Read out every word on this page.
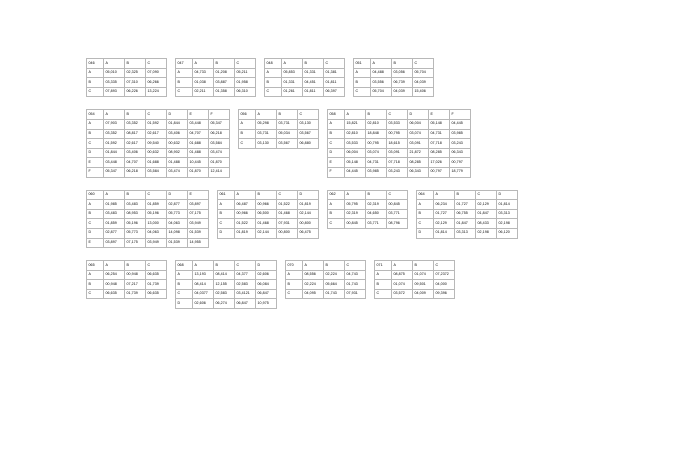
046	A	B	C
A	05,010	02,325	07,090
B	03,335	07,310	06,266
C	07,893	06,226	13,224
047	A	B	C
A	04,733	01,208	05,211
B	01,038	03,887	01,958
C	02,211	01,358	06,310
048	A	B	C
A	05,853	01,331	01,381
B	01,331	04,451	01,811
C	01,261	01,811	06,397
051	A	B	C
A	04,488	03,056	05,704
B	03,556	06,739	04,039
C	05,704	04,039	15,406
054	A	B	C	D	E	F
A	07,903	03,352	01,592	01,844	03,448	05,347
B	03,352	08,817	02,617	03,406	04,707	06,218
C	01,592	02,617	09,540	00,632	01,688	03,584
D	01,844	03,406	00,632	08,902	01,488	03,474
E	03,448	04,707	01,688	01,488	10,445	01,870
F	05,347	06,218	03,584	03,474	01,870	12,414
056	A	B	C
A	05,298	03,731	03,130
B	03,731	05,034	03,567
C	03,130	03,567	06,880
058	A	B	C	D	E	F
A	15,821	02,810	03,533	06,004	05,148	04,445
B	02,810	18,848	00,795	03,074	04,731	03,985
C	03,533	00,795	18,615	03,091	07,718	03,243
D	06,004	03,074	03,091	21,872	08,285	06,343
E	05,148	04,731	07,718	08,285	17,026	00,797
F	04,445	03,985	03,243	06,343	00,797	18,779
060	A	B	C	D	E
A	01,985	03,483	01,859	02,877	03,897
B	03,483	08,953	05,196	05,773	07,175
C	01,859	05,196	13,000	04,063	03,949
D	02,877	05,773	04,063	14,098	01,539
E	03,897	07,175	03,949	01,539	14,955
061	A	B	C	D
A	06,487	00,966	01,522	01,819
B	00,966	06,500	01,468	02,144
C	01,522	01,468	07,931	00,800
D	01,819	02,144	00,800	06,475
062	A	B	C
A	05,795	02,319	00,845
B	02,319	04,650	03,771
C	00,845	03,771	08,796
064	A	B	C	D
A	06,234	01,727	02,129	01,814
B	01,727	06,755	01,847	03,313
C	02,129	01,847	08,433	02,198
D	01,814	03,313	02,198	06,120
065	A	B	C
A	06,254	00,948	06,635
B	00,948	07,217	01,739
C	06,635	01,739	06,635
068	A	B	C	D
A	13,193	08,414	04,377	02,606
B	08,414	12,155	02,583	06,084
C	04,0377	02,583	03,4121	06,847
D	02,606	06,274	06,847	10,975
070	A	B	C
A	08,556	02,224	04,743
B	02,224	05,664	01,743
C	04,095	01,743	07,931
071	A	B	C
A	08,875	01,074	07,2372
B	01,074	09,501	04,000
C	03,572	04,009	09,396
